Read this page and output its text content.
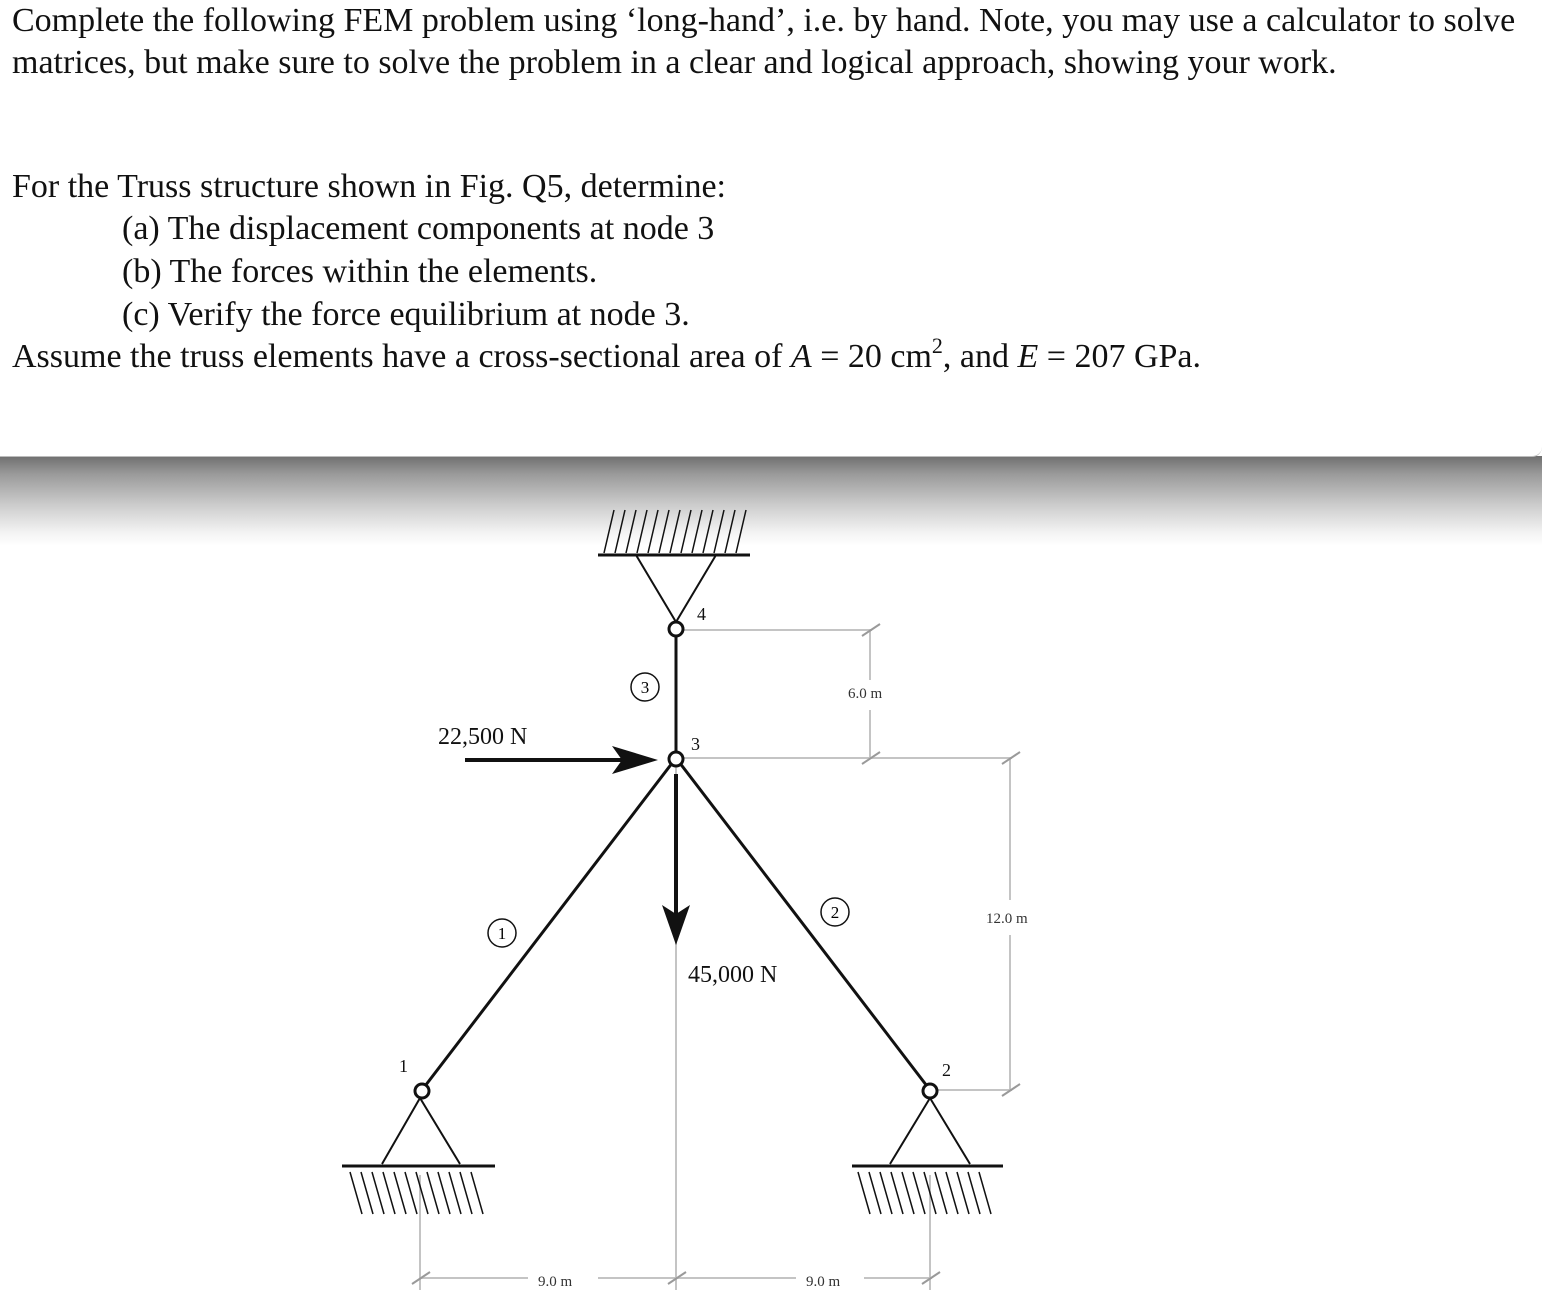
Complete the following FEM problem using ‘long-hand’, i.e. by hand. Note, you may use a calculator to solve matrices, but make sure to solve the problem in a clear and logical approach, showing your work.

For the Truss structure shown in Fig. Q5, determine:

(a) The displacement components at node 3

(b) The forces within the elements.

(c) Verify the force equilibrium at node 3.

Assume the truss elements have a cross-sectional area of A = 20 $cm^2$, and E = 207 GPa.

3
1
2
4
3
1	2
22,500 N
45,000 N
6.0 m
12.0 m
9.0 m	9.0 m
